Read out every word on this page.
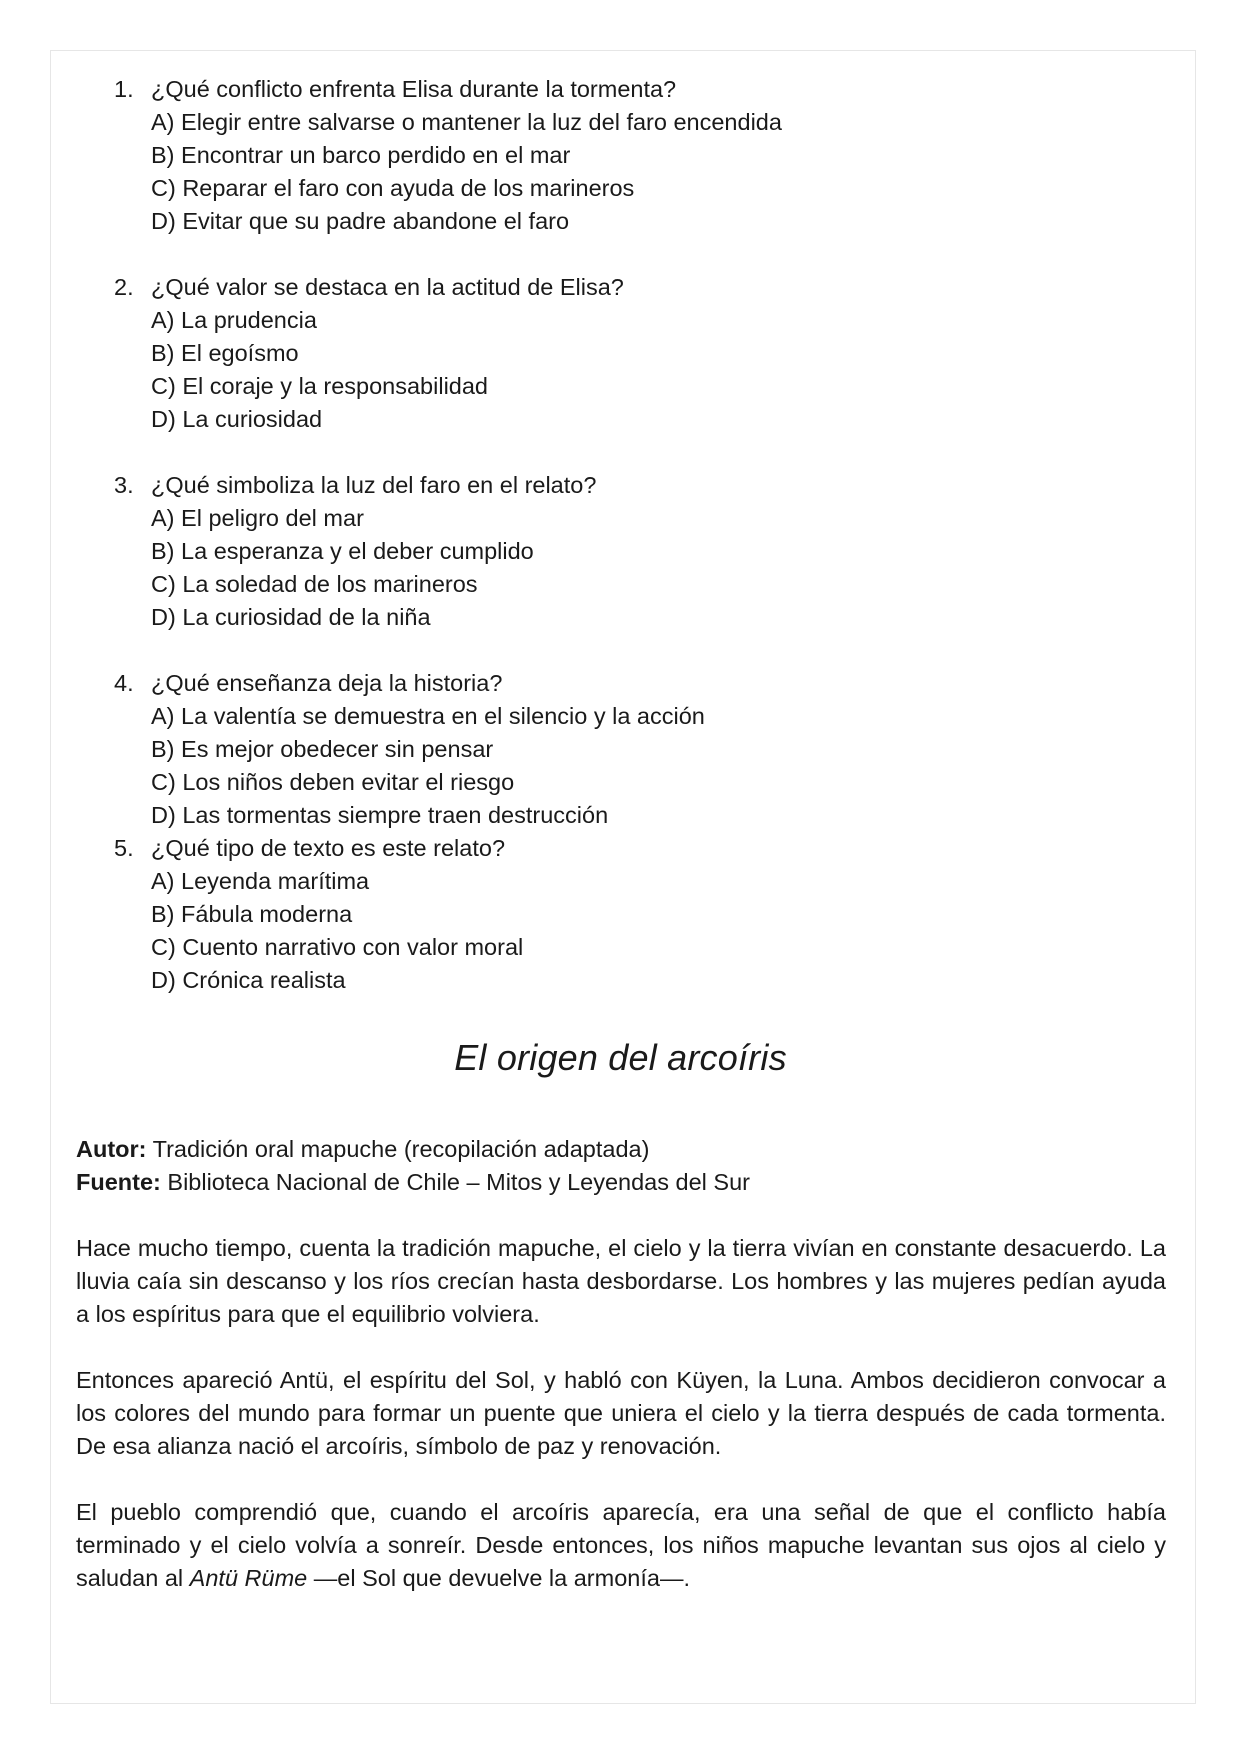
1. ¿Qué conflicto enfrenta Elisa durante la tormenta?
A) Elegir entre salvarse o mantener la luz del faro encendida
B) Encontrar un barco perdido en el mar
C) Reparar el faro con ayuda de los marineros
D) Evitar que su padre abandone el faro
2. ¿Qué valor se destaca en la actitud de Elisa?
A) La prudencia
B) El egoísmo
C) El coraje y la responsabilidad
D) La curiosidad
3. ¿Qué simboliza la luz del faro en el relato?
A) El peligro del mar
B) La esperanza y el deber cumplido
C) La soledad de los marineros
D) La curiosidad de la niña
4. ¿Qué enseñanza deja la historia?
A) La valentía se demuestra en el silencio y la acción
B) Es mejor obedecer sin pensar
C) Los niños deben evitar el riesgo
D) Las tormentas siempre traen destrucción
5. ¿Qué tipo de texto es este relato?
A) Leyenda marítima
B) Fábula moderna
C) Cuento narrativo con valor moral
D) Crónica realista
El origen del arcoíris
Autor: Tradición oral mapuche (recopilación adaptada)
Fuente: Biblioteca Nacional de Chile – Mitos y Leyendas del Sur

Hace mucho tiempo, cuenta la tradición mapuche, el cielo y la tierra vivían en constante desacuerdo. La lluvia caía sin descanso y los ríos crecían hasta desbordarse. Los hombres y las mujeres pedían ayuda a los espíritus para que el equilibrio volviera.

Entonces apareció Antü, el espíritu del Sol, y habló con Küyen, la Luna. Ambos decidieron convocar a los colores del mundo para formar un puente que uniera el cielo y la tierra después de cada tormenta. De esa alianza nació el arcoíris, símbolo de paz y renovación.

El pueblo comprendió que, cuando el arcoíris aparecía, era una señal de que el conflicto había terminado y el cielo volvía a sonreír. Desde entonces, los niños mapuche levantan sus ojos al cielo y saludan al Antü Rüme —el Sol que devuelve la armonía—.
